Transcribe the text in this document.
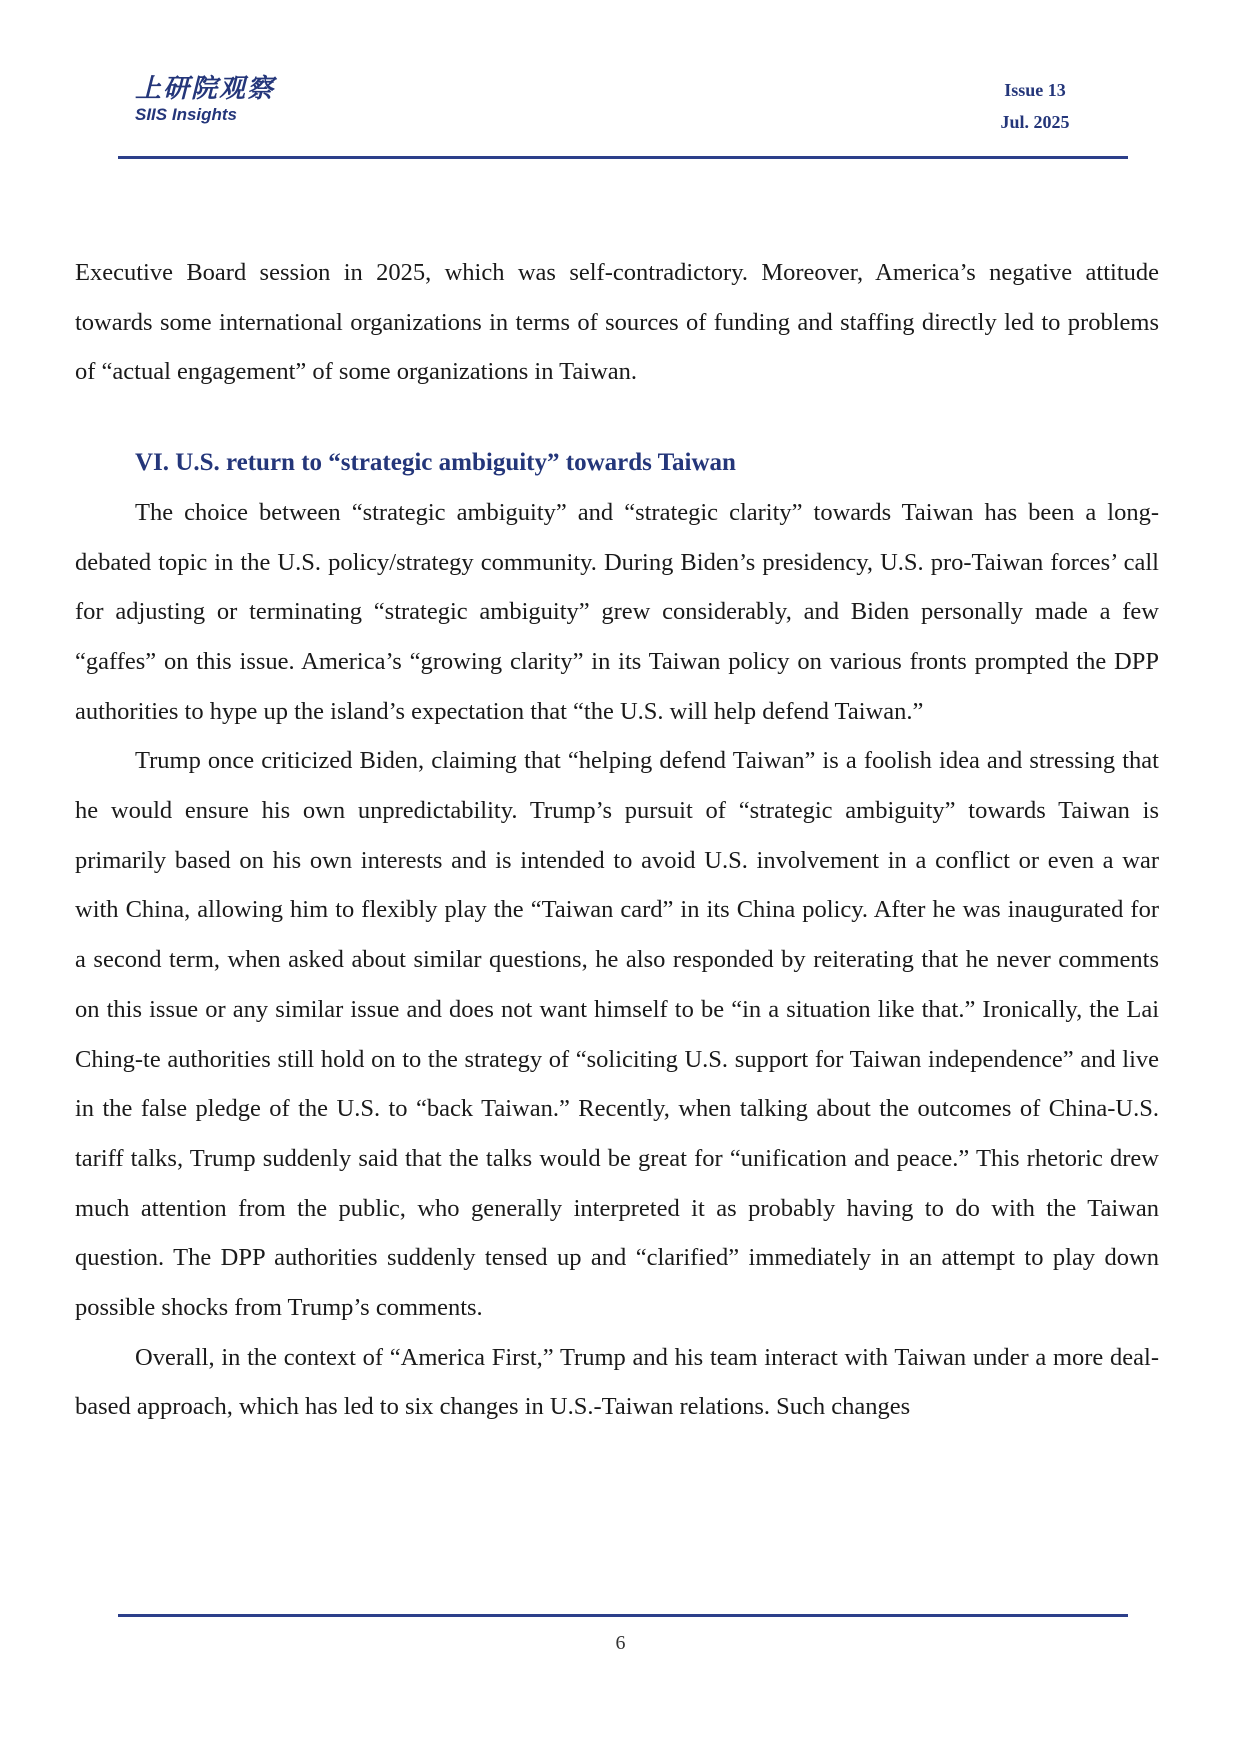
上研院观察
SIIS Insights
Issue 13
Jul. 2025

Executive Board session in 2025, which was self-contradictory. Moreover, America’s negative attitude towards some international organizations in terms of sources of funding and staffing directly led to problems of “actual engagement” of some organizations in Taiwan.

VI. U.S. return to “strategic ambiguity” towards Taiwan

The choice between “strategic ambiguity” and “strategic clarity” towards Taiwan has been a long-debated topic in the U.S. policy/strategy community. During Biden’s presidency, U.S. pro-Taiwan forces’ call for adjusting or terminating “strategic ambiguity” grew considerably, and Biden personally made a few “gaffes” on this issue. America’s “growing clarity” in its Taiwan policy on various fronts prompted the DPP authorities to hype up the island’s expectation that “the U.S. will help defend Taiwan.”

Trump once criticized Biden, claiming that “helping defend Taiwan” is a foolish idea and stressing that he would ensure his own unpredictability. Trump’s pursuit of “strategic ambiguity” towards Taiwan is primarily based on his own interests and is intended to avoid U.S. involvement in a conflict or even a war with China, allowing him to flexibly play the “Taiwan card” in its China policy. After he was inaugurated for a second term, when asked about similar questions, he also responded by reiterating that he never comments on this issue or any similar issue and does not want himself to be “in a situation like that.” Ironically, the Lai Ching-te authorities still hold on to the strategy of “soliciting U.S. support for Taiwan independence” and live in the false pledge of the U.S. to “back Taiwan.” Recently, when talking about the outcomes of China-U.S. tariff talks, Trump suddenly said that the talks would be great for “unification and peace.” This rhetoric drew much attention from the public, who generally interpreted it as probably having to do with the Taiwan question. The DPP authorities suddenly tensed up and “clarified” immediately in an attempt to play down possible shocks from Trump’s comments.

Overall, in the context of “America First,” Trump and his team interact with Taiwan under a more deal-based approach, which has led to six changes in U.S.-Taiwan relations. Such changes

6
